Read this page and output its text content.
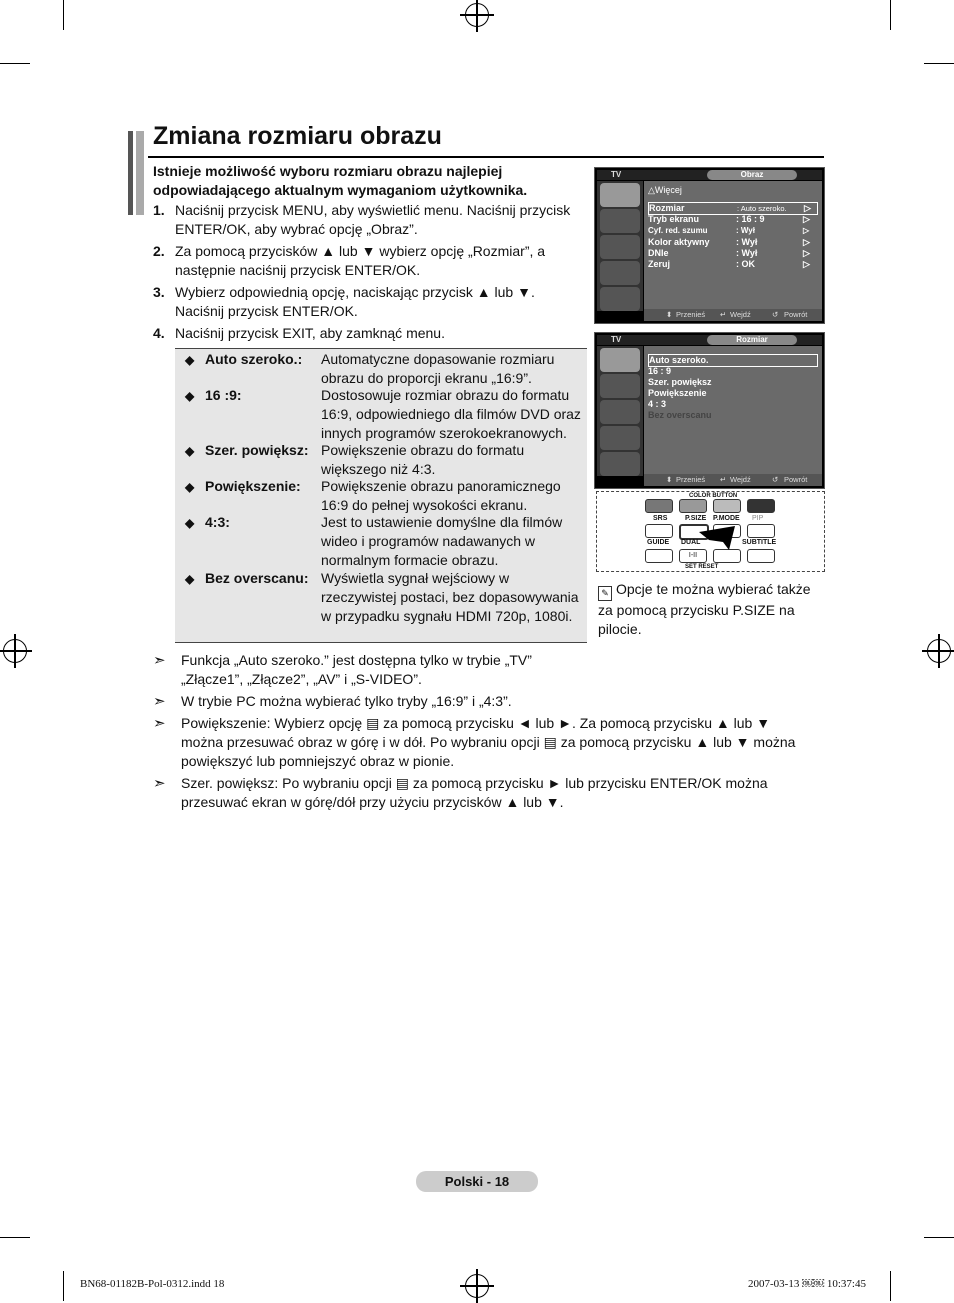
Zmiana rozmiaru obrazu
Istnieje możliwość wyboru rozmiaru obrazu najlepiej odpowiadającego aktualnym wymaganiom użytkownika.
1. Naciśnij przycisk MENU, aby wyświetlić menu. Naciśnij przycisk ENTER/OK, aby wybrać opcję „Obraz”.
2. Za pomocą przycisków ▲ lub ▼ wybierz opcję „Rozmiar”, a następnie naciśnij przycisk ENTER/OK.
3. Wybierz odpowiednią opcję, naciskając przycisk ▲ lub ▼. Naciśnij przycisk ENTER/OK.
4. Naciśnij przycisk EXIT, aby zamknąć menu.
◆ Auto szeroko.:	Automatyczne dopasowanie rozmiaru obrazu do proporcji ekranu „16:9”.
◆ 16 :9:	Dostosowuje rozmiar obrazu do formatu 16:9, odpowiedniego dla filmów DVD oraz innych programów szerokoekranowych.
◆ Szer. powiększ: Powiększenie obrazu do formatu większego niż 4:3.
◆ Powiększenie:	Powiększenie obrazu panoramicznego 16:9 do pełnej wysokości ekranu.
◆ 4:3:	Jest to ustawienie domyślne dla filmów wideo i programów nadawanych w normalnym formacie obrazu.
◆ Bez overscanu: Wyświetla sygnał wejściowy w rzeczywistej postaci, bez dopasowywania w przypadku sygnału HDMI 720p, 1080i.
TV	Obraz
△Więcej
Rozmiar	: Auto szeroko. ▷
Tryb ekranu	: 16 : 9	▷
Cyf. red. szumu	: Wył	▷
Kolor aktywny	: Wył	▷
DNIe	: Wył	▷
Zeruj	: OK	▷
⬍ Przenieś ↵ Wejdź	↺ Powrót
TV	Rozmiar
Auto szeroko.
16 : 9
Szer. powiększ
Powiększenie
4 : 3
Bez overscanu
⬍ Przenieś ↵ Wejdź	↺ Powrót
COLOR BUTTON
SRS	P.SIZE P.MODE PIP
GUIDE DUAL	SUBTITLE
I-II
SET RESET
✎ Opcje te można wybierać także za pomocą przycisku P.SIZE na pilocie.
➣	Funkcja „Auto szeroko.” jest dostępna tylko w trybie „TV” „Złącze1”, „Złącze2”, „AV” i „S-VIDEO”.
➣	W trybie PC można wybierać tylko tryby „16:9” i „4:3”.
➣	Powiększenie: Wybierz opcję ▤ za pomocą przycisku ◄ lub ►. Za pomocą przycisku ▲ lub ▼ można przesuwać obraz w górę i w dół. Po wybraniu opcji ▤ za pomocą przycisku ▲ lub ▼ można powiększyć lub pomniejszyć obraz w pionie.
➣	Szer. powiększ: Po wybraniu opcji ▤ za pomocą przycisku ► lub przycisku ENTER/OK można przesuwać ekran w górę/dół przy użyciu przycisków ▲ lub ▼.
Polski - 18
BN68-01182B-Pol-0312.indd 18	2007-03-13 ￼￼ 10:37:45
